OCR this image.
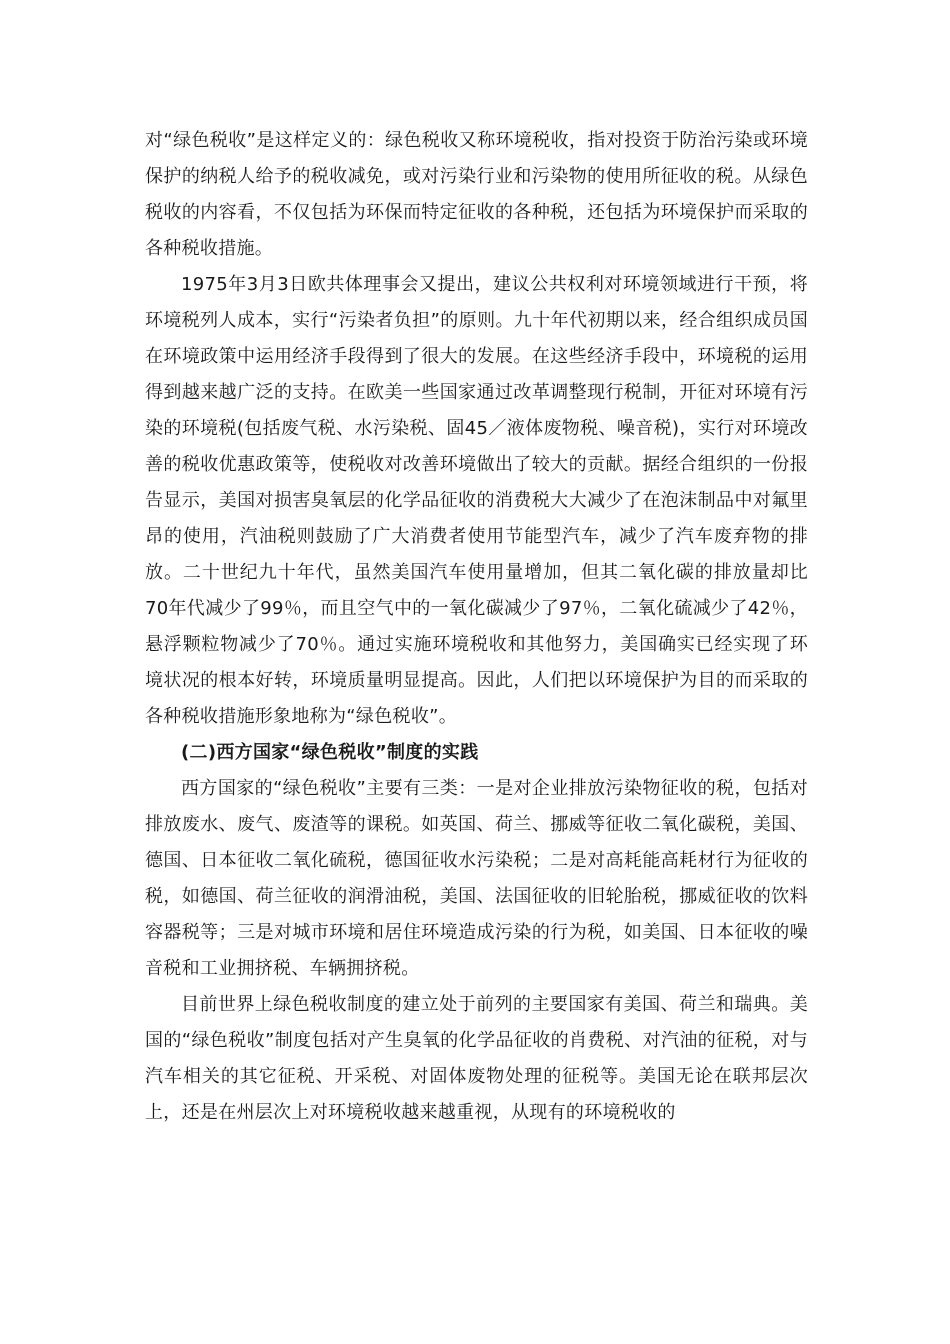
对“绿色税收”是这样定义的：绿色税收又称环境税收，指对投资于防治污染或环境保护的纳税人给予的税收减免，或对污染行业和污染物的使用所征收的税。从绿色税收的内容看，不仅包括为环保而特定征收的各种税，还包括为环境保护而采取的各种税收措施。

1975年3月3日欧共体理事会又提出，建议公共权利对环境领域进行干预，将环境税列人成本，实行“污染者负担”的原则。九十年代初期以来，经合组织成员国在环境政策中运用经济手段得到了很大的发展。在这些经济手段中，环境税的运用得到越来越广泛的支持。在欧美一些国家通过改革调整现行税制，开征对环境有污染的环境税(包括废气税、水污染税、固45／液体废物税、噪音税)，实行对环境改善的税收优惠政策等，使税收对改善环境做出了较大的贡献。据经合组织的一份报告显示，美国对损害臭氧层的化学品征收的消费税大大减少了在泡沫制品中对氟里昂的使用，汽油税则鼓励了广大消费者使用节能型汽车，减少了汽车废弃物的排放。二十世纪九十年代，虽然美国汽车使用量增加，但其二氧化碳的排放量却比70年代减少了99％，而且空气中的一氧化碳减少了97％，二氧化硫减少了42％，悬浮颗粒物减少了70％。通过实施环境税收和其他努力，美国确实已经实现了环境状况的根本好转，环境质量明显提高。因此，人们把以环境保护为目的而采取的各种税收措施形象地称为“绿色税收”。

(二)西方国家“绿色税收”制度的实践

西方国家的“绿色税收”主要有三类：一是对企业排放污染物征收的税，包括对排放废水、废气、废渣等的课税。如英国、荷兰、挪威等征收二氧化碳税，美国、德国、日本征收二氧化硫税，德国征收水污染税；二是对高耗能高耗材行为征收的税，如德国、荷兰征收的润滑油税，美国、法国征收的旧轮胎税，挪威征收的饮料容器税等；三是对城市环境和居住环境造成污染的行为税，如美国、日本征收的噪音税和工业拥挤税、车辆拥挤税。

目前世界上绿色税收制度的建立处于前列的主要国家有美国、荷兰和瑞典。美国的“绿色税收”制度包括对产生臭氧的化学品征收的肖费税、对汽油的征税，对与汽车相关的其它征税、开采税、对固体废物处理的征税等。美国无论在联邦层次上，还是在州层次上对环境税收越来越重视，从现有的环境税收的
